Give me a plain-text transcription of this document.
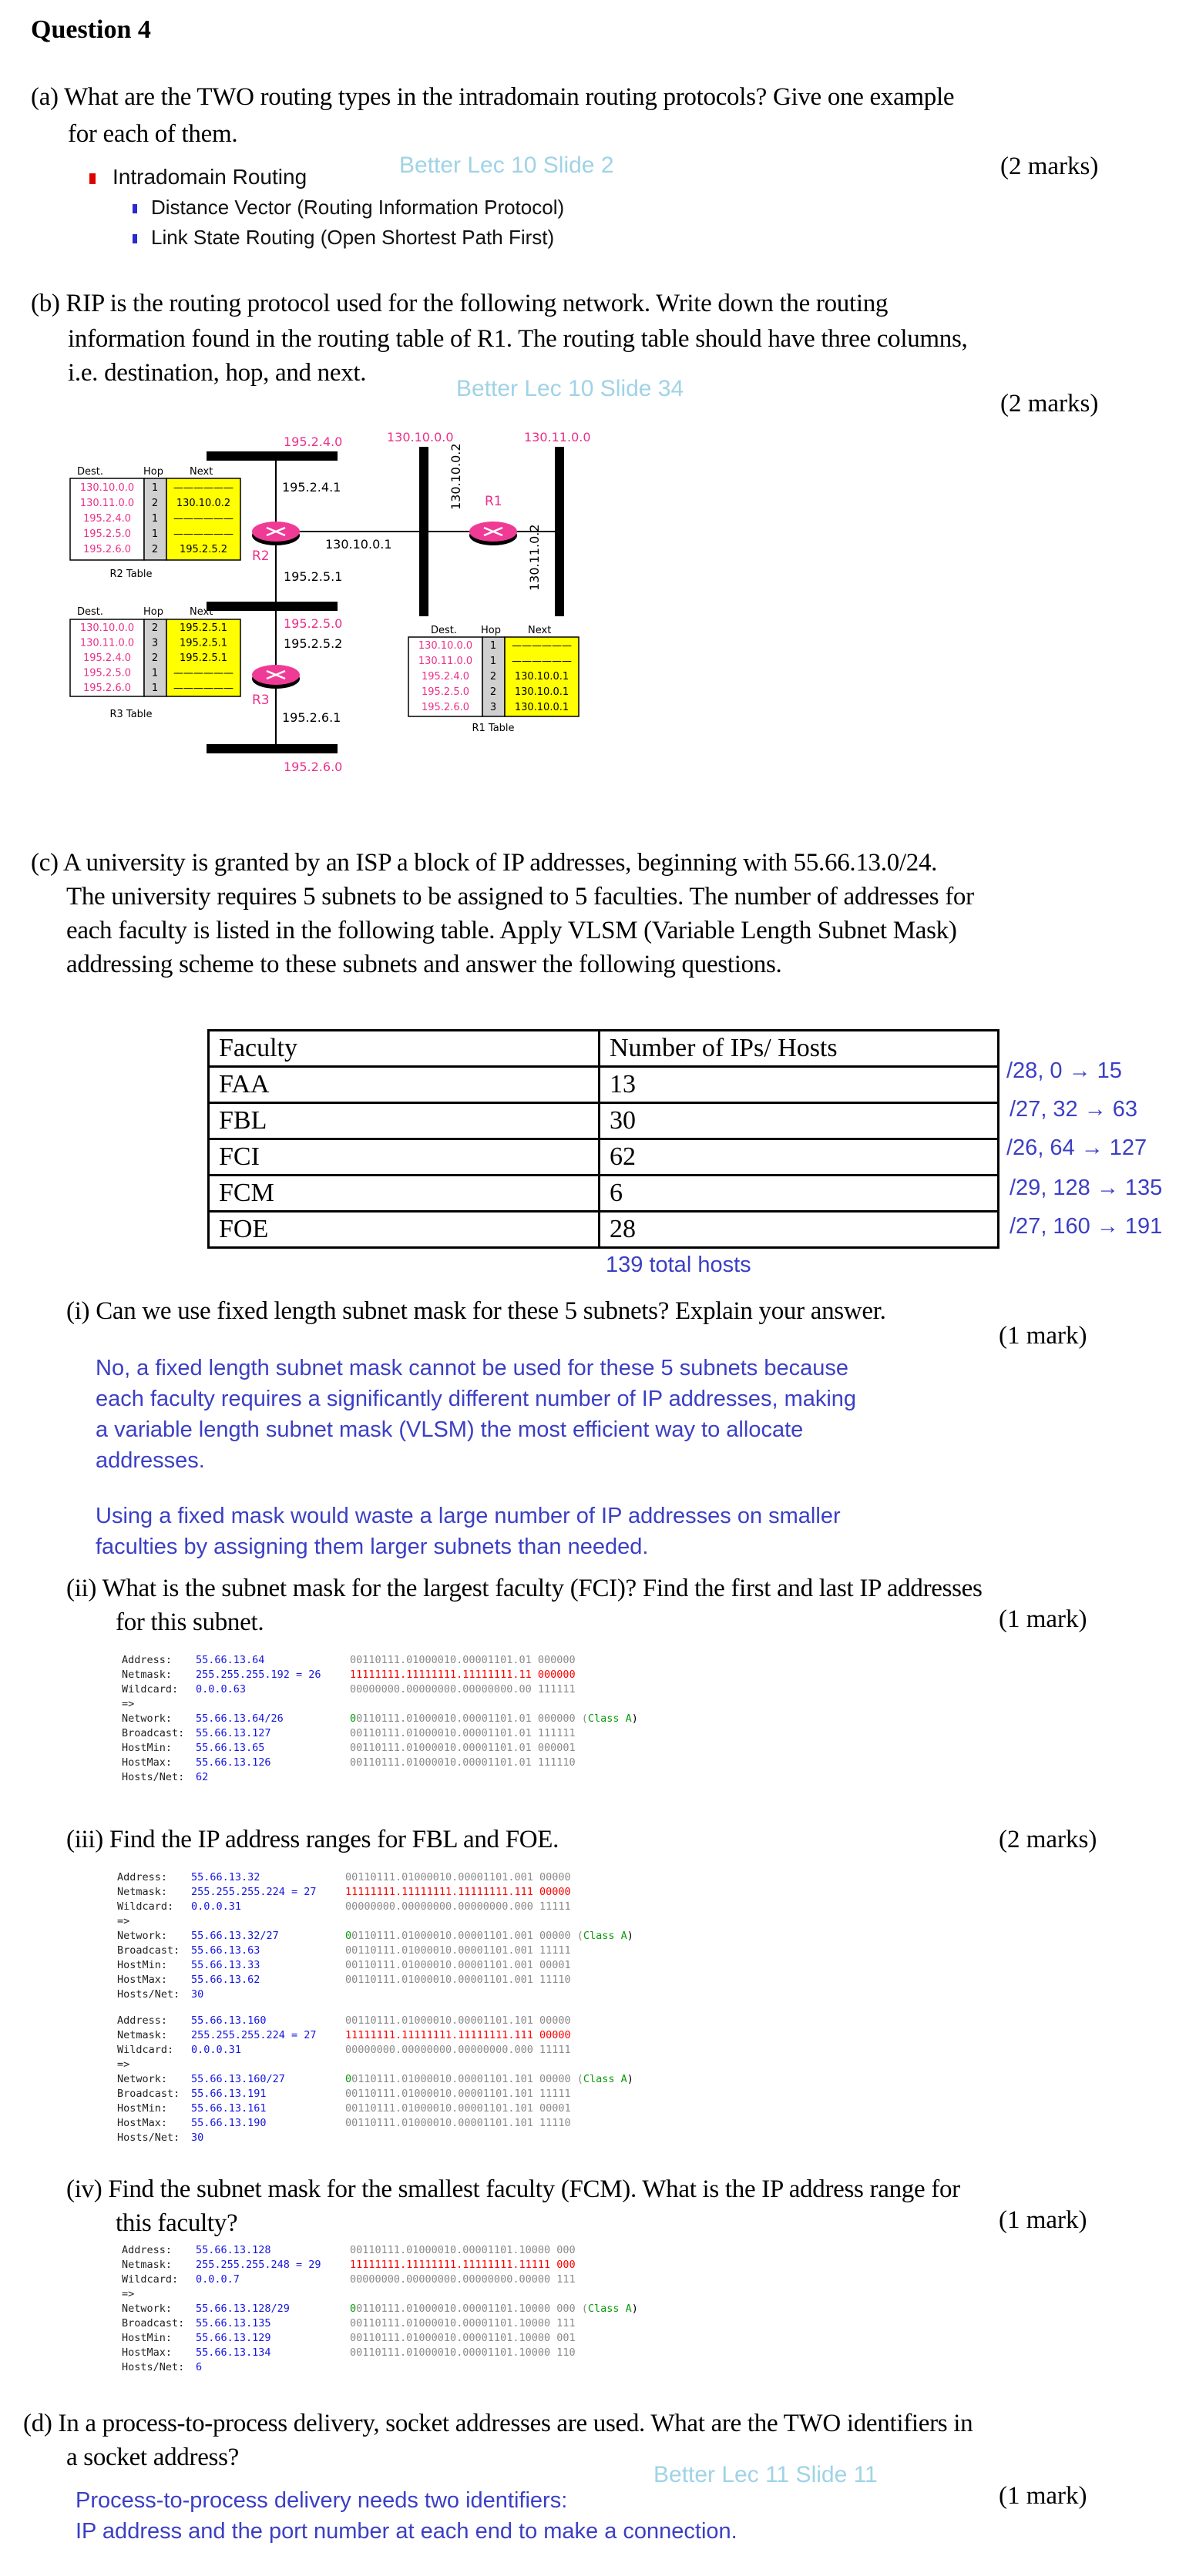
Question 4
(a) What are the TWO routing types in the intradomain routing protocols? Give one example
for each of them.
Better Lec 10 Slide 2	(2 marks)
Intradomain Routing
Distance Vector (Routing Information Protocol)
Link State Routing (Open Shortest Path First)
(b) RIP is the routing protocol used for the following network. Write down the routing
information found in the routing table of R1. The routing table should have three columns,
i.e. destination, hop, and next.
Better Lec 10 Slide 34
(2 marks)
R2
R3
R1
195.2.4.0
195.2.5.0
195.2.6.0
130.10.0.0	130.11.0.0
195.2.4.1
130.10.0.1
195.2.5.1
195.2.5.2
195.2.6.1
130.10.0.2
130.11.0.2
Dest.	Hop	Next
130.10.0.0 1 ——————
130.11.0.0 2 130.10.0.2
195.2.4.0 1 ——————
195.2.5.0 1 ——————
195.2.6.0 2 195.2.5.2
R2 Table
Dest.	Hop	Next
130.10.0.0 2 195.2.5.1
130.11.0.0 3 195.2.5.1
195.2.4.0 2 195.2.5.1
195.2.5.0 1 ——————
195.2.6.0 1 ——————
R3 Table
Dest. Hop	Next
130.10.0.0 1 ——————
130.11.0.0 1 ——————
195.2.4.0 2 130.10.0.1
195.2.5.0 2 130.10.0.1
195.2.6.0 3 130.10.0.1
R1 Table
(c) A university is granted by an ISP a block of IP addresses, beginning with 55.66.13.0/24.
The university requires 5 subnets to be assigned to 5 faculties. The number of addresses for
each faculty is listed in the following table. Apply VLSM (Variable Length Subnet Mask)
addressing scheme to these subnets and answer the following questions.
Faculty	Number of IPs/ Hosts
FAA	13
FBL	30
FCI	62
FCM	6
FOE	28
/28, 0 → 15
/27, 32 → 63
/26, 64 → 127
/29, 128 → 135
/27, 160 → 191
139 total hosts
(i) Can we use fixed length subnet mask for these 5 subnets? Explain your answer.
(1 mark)
No, a fixed length subnet mask cannot be used for these 5 subnets because
each faculty requires a significantly different number of IP addresses, making
a variable length subnet mask (VLSM) the most efficient way to allocate
addresses.
Using a fixed mask would waste a large number of IP addresses on smaller
faculties by assigning them larger subnets than needed.
(ii) What is the subnet mask for the largest faculty (FCI)? Find the first and last IP addresses
for this subnet.	(1 mark)
Address: 55.66.13.64	00110111.01000010.00001101.01 000000
Netmask: 255.255.255.192 = 26	11111111.11111111.11111111.11 000000
Wildcard: 0.0.0.63	00000000.00000000.00000000.00 111111
=>
Network: 55.66.13.64/26	00110111.01000010.00001101.01 000000 (Class A)
Broadcast: 55.66.13.127	00110111.01000010.00001101.01 111111
HostMin: 55.66.13.65	00110111.01000010.00001101.01 000001
HostMax: 55.66.13.126	00110111.01000010.00001101.01 111110
Hosts/Net: 62
(iii) Find the IP address ranges for FBL and FOE.	(2 marks)
Address: 55.66.13.32	00110111.01000010.00001101.001 00000
Netmask: 255.255.255.224 = 27	11111111.11111111.11111111.111 00000
Wildcard: 0.0.0.31	00000000.00000000.00000000.000 11111
=>
Network: 55.66.13.32/27	00110111.01000010.00001101.001 00000 (Class A)
Broadcast: 55.66.13.63	00110111.01000010.00001101.001 11111
HostMin: 55.66.13.33	00110111.01000010.00001101.001 00001
HostMax: 55.66.13.62	00110111.01000010.00001101.001 11110
Hosts/Net: 30
Address: 55.66.13.160	00110111.01000010.00001101.101 00000
Netmask: 255.255.255.224 = 27	11111111.11111111.11111111.111 00000
Wildcard: 0.0.0.31	00000000.00000000.00000000.000 11111
=>
Network: 55.66.13.160/27	00110111.01000010.00001101.101 00000 (Class A)
Broadcast: 55.66.13.191	00110111.01000010.00001101.101 11111
HostMin: 55.66.13.161	00110111.01000010.00001101.101 00001
HostMax: 55.66.13.190	00110111.01000010.00001101.101 11110
Hosts/Net: 30
(iv) Find the subnet mask for the smallest faculty (FCM). What is the IP address range for
this faculty?	(1 mark)
Address: 55.66.13.128	00110111.01000010.00001101.10000 000
Netmask: 255.255.255.248 = 29	11111111.11111111.11111111.11111 000
Wildcard: 0.0.0.7	00000000.00000000.00000000.00000 111
=>
Network: 55.66.13.128/29	00110111.01000010.00001101.10000 000 (Class A)
Broadcast: 55.66.13.135	00110111.01000010.00001101.10000 111
HostMin: 55.66.13.129	00110111.01000010.00001101.10000 001
HostMax: 55.66.13.134	00110111.01000010.00001101.10000 110
Hosts/Net: 6
(d) In a process-to-process delivery, socket addresses are used. What are the TWO identifiers in
a socket address?
Better Lec 11 Slide 11
(1 mark)
Process-to-process delivery needs two identifiers:
IP address and the port number at each end to make a connection.
